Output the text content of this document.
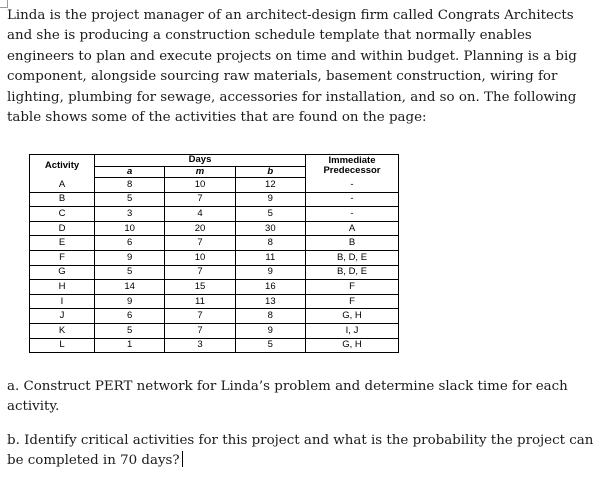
Linda is the project manager of an architect-design firm called Congrats Architects and she is producing a construction schedule template that normally enables engineers to plan and execute projects on time and within budget. Planning is a big component, alongside sourcing raw materials, basement construction, wiring for lighting, plumbing for sewage, accessories for installation, and so on. The following table shows some of the activities that are found on the page:

Activity	Days			Immediate Predecessor
	a	m	b	
A	8	10	12	-
B	5	7	9	-
C	3	4	5	-
D	10	20	30	A
E	6	7	8	B
F	9	10	11	B, D, E
G	5	7	9	B, D, E
H	14	15	16	F
I	9	11	13	F
J	6	7	8	G, H
K	5	7	9	I, J
L	1	3	5	G, H

a. Construct PERT network for Linda’s problem and determine slack time for each activity.

b. Identify critical activities for this project and what is the probability the project can be completed in 70 days?
